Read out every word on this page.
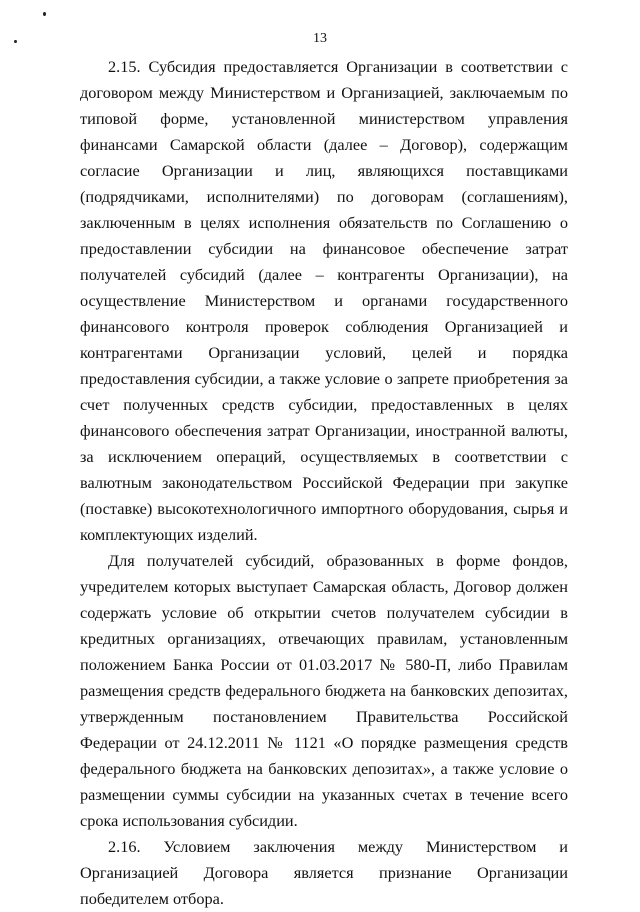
13

2.15. Субсидия предоставляется Организации в соответствии с договором между Министерством и Организацией, заключаемым по типовой форме, установленной министерством управления финансами Самарской области (далее – Договор), содержащим согласие Организации и лиц, являющихся поставщиками (подрядчиками, исполнителями) по договорам (соглашениям), заключенным в целях исполнения обязательств по Соглашению о предоставлении субсидии на финансовое обеспечение затрат получателей субсидий (далее – контрагенты Организации), на осуществление Министерством и органами государственного финансового контроля проверок соблюдения Организацией и контрагентами Организации условий, целей и порядка предоставления субсидии, а также условие о запрете приобретения за счет полученных средств субсидии, предоставленных в целях финансового обеспечения затрат Организации, иностранной валюты, за исключением операций, осуществляемых в соответствии с валютным законодательством Российской Федерации при закупке (поставке) высокотехнологичного импортного оборудования, сырья и комплектующих изделий.

Для получателей субсидий, образованных в форме фондов, учредителем которых выступает Самарская область, Договор должен содержать условие об открытии счетов получателем субсидии в кредитных организациях, отвечающих правилам, установленным положением Банка России от 01.03.2017 № 580-П, либо Правилам размещения средств федерального бюджета на банковских депозитах, утвержденным постановлением Правительства Российской Федерации от 24.12.2011 № 1121 «О порядке размещения средств федерального бюджета на банковских депозитах», а также условие о размещении суммы субсидии на указанных счетах в течение всего срока использования субсидии.

2.16. Условием заключения между Министерством и Организацией Договора является признание Организации победителем отбора.
